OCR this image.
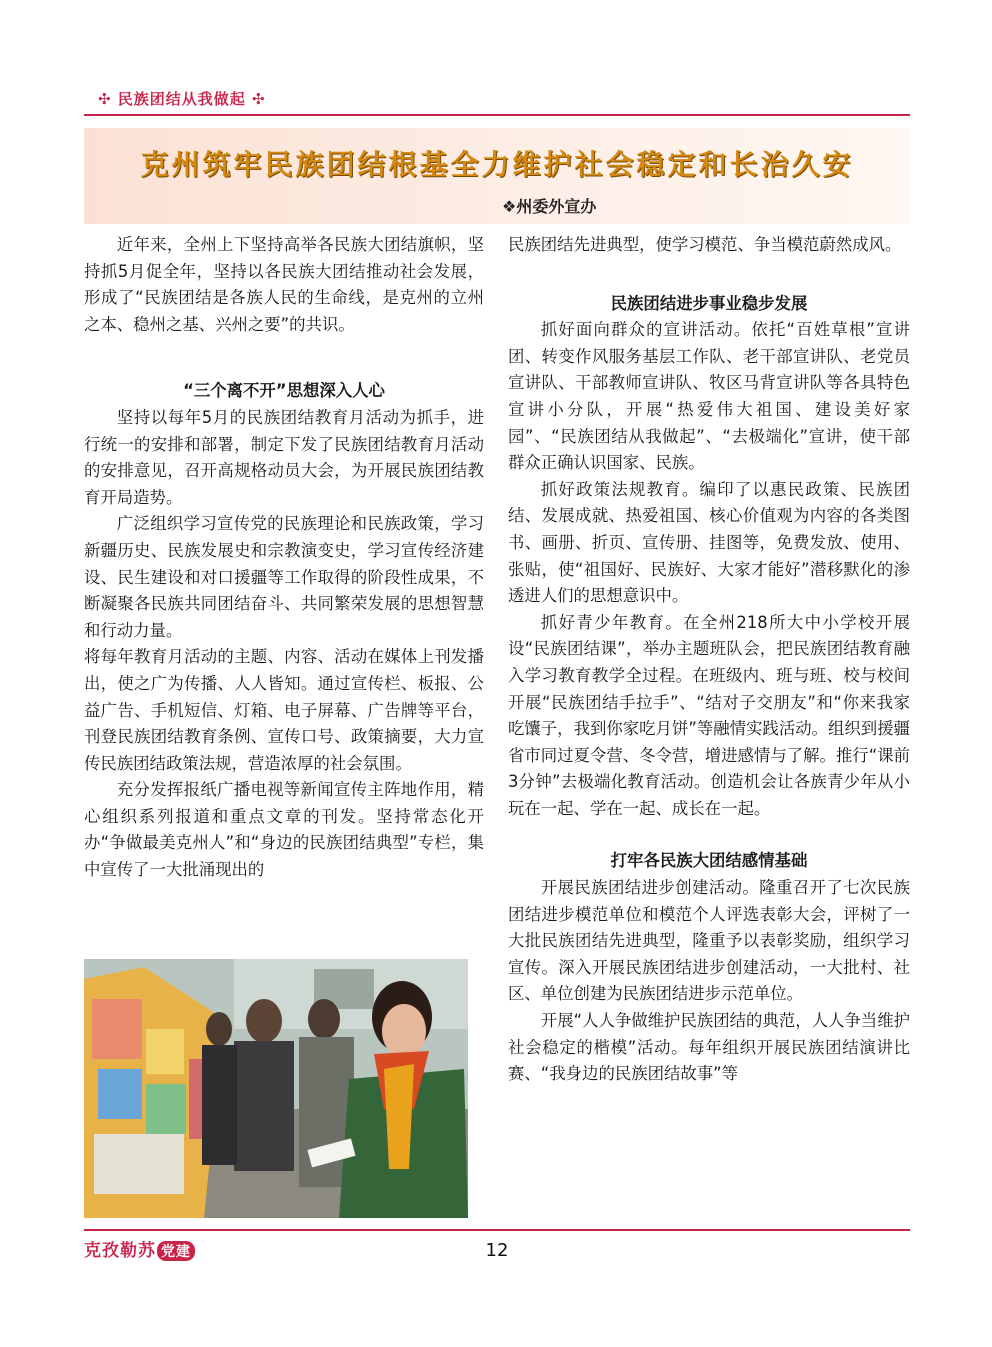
✣ 民族团结从我做起 ✣
克州筑牢民族团结根基全力维护社会稳定和长治久安
❖州委外宣办

近年来，全州上下坚持高举各民族大团结旗帜，坚持抓5月促全年，坚持以各民族大团结推动社会发展，形成了“民族团结是各族人民的生命线，是克州的立州之本、稳州之基、兴州之要”的共识。

“三个离不开”思想深入人心

坚持以每年5月的民族团结教育月活动为抓手，进行统一的安排和部署，制定下发了民族团结教育月活动的安排意见，召开高规格动员大会，为开展民族团结教育开局造势。

广泛组织学习宣传党的民族理论和民族政策，学习新疆历史、民族发展史和宗教演变史，学习宣传经济建设、民生建设和对口援疆等工作取得的阶段性成果，不断凝聚各民族共同团结奋斗、共同繁荣发展的思想智慧和行动力量。

将每年教育月活动的主题、内容、活动在媒体上刊发播出，使之广为传播、人人皆知。通过宣传栏、板报、公益广告、手机短信、灯箱、电子屏幕、广告牌等平台，刊登民族团结教育条例、宣传口号、政策摘要，大力宣传民族团结政策法规，营造浓厚的社会氛围。

充分发挥报纸广播电视等新闻宣传主阵地作用，精心组织系列报道和重点文章的刊发。坚持常态化开办“争做最美克州人”和“身边的民族团结典型”专栏，集中宣传了一大批涌现出的

民族团结先进典型，使学习模范、争当模范蔚然成风。

民族团结进步事业稳步发展

抓好面向群众的宣讲活动。依托“百姓草根”宣讲团、转变作风服务基层工作队、老干部宣讲队、老党员宣讲队、干部教师宣讲队、牧区马背宣讲队等各具特色宣讲小分队，开展“热爱伟大祖国、建设美好家园”、“民族团结从我做起”、“去极端化”宣讲，使干部群众正确认识国家、民族。

抓好政策法规教育。编印了以惠民政策、民族团结、发展成就、热爱祖国、核心价值观为内容的各类图书、画册、折页、宣传册、挂图等，免费发放、使用、张贴，使“祖国好、民族好、大家才能好”潜移默化的渗透进人们的思想意识中。

抓好青少年教育。在全州218所大中小学校开展设“民族团结课”，举办主题班队会，把民族团结教育融入学习教育教学全过程。在班级内、班与班、校与校间开展“民族团结手拉手”、“结对子交朋友”和“你来我家吃馕子，我到你家吃月饼”等融情实践活动。组织到援疆省市同过夏令营、冬令营，增进感情与了解。推行“课前3分钟”去极端化教育活动。创造机会让各族青少年从小玩在一起、学在一起、成长在一起。

打牢各民族大团结感情基础

开展民族团结进步创建活动。隆重召开了七次民族团结进步模范单位和模范个人评选表彰大会，评树了一大批民族团结先进典型，隆重予以表彰奖励，组织学习宣传。深入开展民族团结进步创建活动，一大批村、社区、单位创建为民族团结进步示范单位。

开展“人人争做维护民族团结的典范，人人争当维护社会稳定的楷模”活动。每年组织开展民族团结演讲比赛、“我身边的民族团结故事”等

克孜勒苏 党建	12
